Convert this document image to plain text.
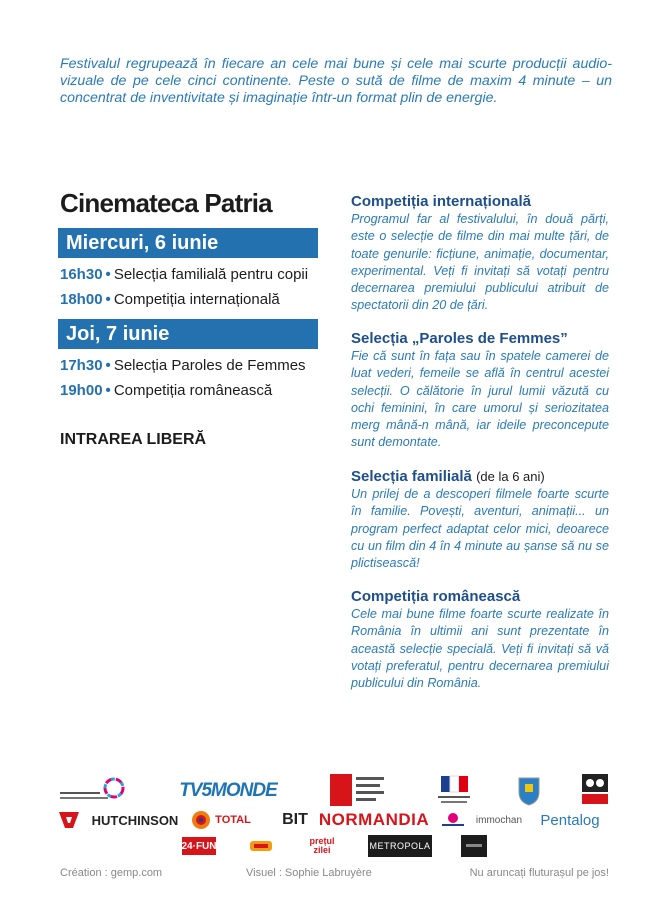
Festivalul regrupează în fiecare an cele mai bune și cele mai scurte producții audio-vizuale de pe cele cinci continente. Peste o sută de filme de maxim 4 minute – un concentrat de inventivitate și imaginație într-un format plin de energie.
Cinemateca Patria
Miercuri, 6 iunie
16h30 • Selecția familială pentru copii
18h00 • Competiția internațională
Joi, 7 iunie
17h30 • Selecția Paroles de Femmes
19h00 • Competiția românească
INTRAREA LIBERĂ
Competiția internațională

Programul far al festivalului, în două părți, este o selecție de filme din mai multe țări, de toate genurile: ficțiune, animație, documentar, experimental. Veți fi invitați să votați pentru decernarea premiului publicului atribuit de spectatorii din 20 de țări.

Selecția „Paroles de Femmes”

Fie că sunt în fața sau în spatele camerei de luat vederi, femeile se află în centrul acestei selecții. O călătorie în jurul lumii văzută cu ochi feminini, în care umorul și seriozitatea merg mână-n mână, iar ideile preconcepute sunt demontate.

Selecția familială (de la 6 ani)

Un prilej de a descoperi filmele foarte scurte în familie. Povești, aventuri, animații... un program perfect adaptat celor mici, deoarece cu un film din 4 în 4 minute au șanse să nu se plictisească!

Competiția românească

Cele mai bune filme foarte scurte realizate în România în ultimii ani sunt prezentate în această selecție specială. Veți fi invitați să vă votați preferatul, pentru decernarea premiului publicului din România.

TV5MONDE
HUTCHINSON	TOTAL BIT NORMANDIA	immochan	Pentalog
24·FUN	prețul zilei	METROPOLA
Création : gemp.com	Visuel : Sophie Labruyère	Nu aruncați fluturașul pe jos!
